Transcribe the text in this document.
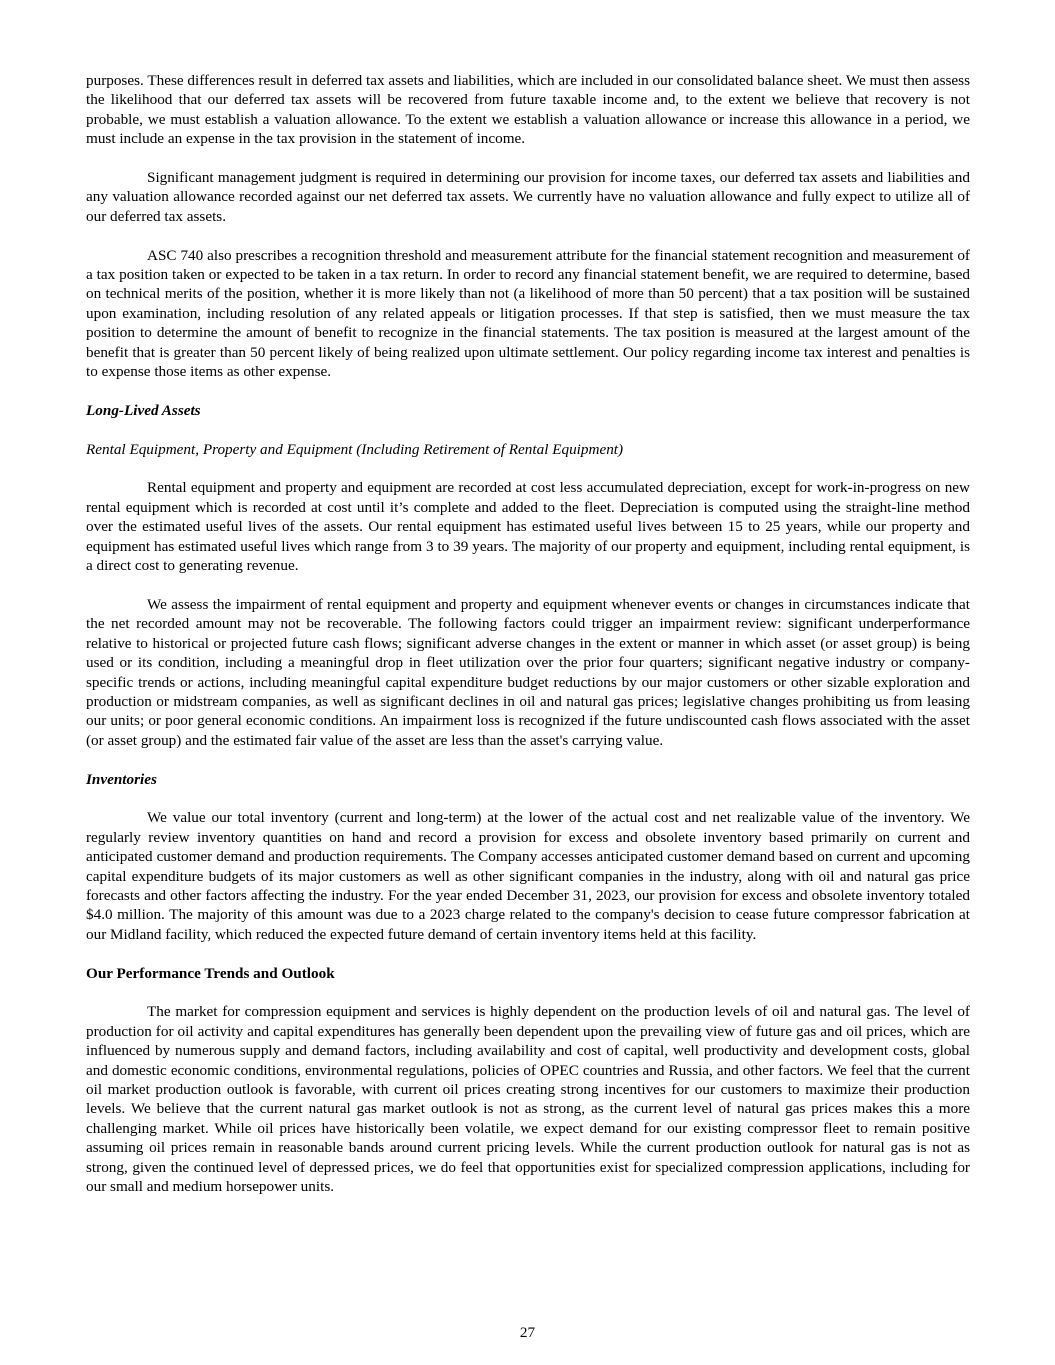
purposes. These differences result in deferred tax assets and liabilities, which are included in our consolidated balance sheet. We must then assess the likelihood that our deferred tax assets will be recovered from future taxable income and, to the extent we believe that recovery is not probable, we must establish a valuation allowance. To the extent we establish a valuation allowance or increase this allowance in a period, we must include an expense in the tax provision in the statement of income.

Significant management judgment is required in determining our provision for income taxes, our deferred tax assets and liabilities and any valuation allowance recorded against our net deferred tax assets. We currently have no valuation allowance and fully expect to utilize all of our deferred tax assets.

ASC 740 also prescribes a recognition threshold and measurement attribute for the financial statement recognition and measurement of a tax position taken or expected to be taken in a tax return. In order to record any financial statement benefit, we are required to determine, based on technical merits of the position, whether it is more likely than not (a likelihood of more than 50 percent) that a tax position will be sustained upon examination, including resolution of any related appeals or litigation processes. If that step is satisfied, then we must measure the tax position to determine the amount of benefit to recognize in the financial statements. The tax position is measured at the largest amount of the benefit that is greater than 50 percent likely of being realized upon ultimate settlement. Our policy regarding income tax interest and penalties is to expense those items as other expense.

Long-Lived Assets
Rental Equipment, Property and Equipment (Including Retirement of Rental Equipment)

Rental equipment and property and equipment are recorded at cost less accumulated depreciation, except for work-in-progress on new rental equipment which is recorded at cost until it’s complete and added to the fleet. Depreciation is computed using the straight-line method over the estimated useful lives of the assets. Our rental equipment has estimated useful lives between 15 to 25 years, while our property and equipment has estimated useful lives which range from 3 to 39 years. The majority of our property and equipment, including rental equipment, is a direct cost to generating revenue.

We assess the impairment of rental equipment and property and equipment whenever events or changes in circumstances indicate that the net recorded amount may not be recoverable. The following factors could trigger an impairment review: significant underperformance relative to historical or projected future cash flows; significant adverse changes in the extent or manner in which asset (or asset group) is being used or its condition, including a meaningful drop in fleet utilization over the prior four quarters; significant negative industry or company-specific trends or actions, including meaningful capital expenditure budget reductions by our major customers or other sizable exploration and production or midstream companies, as well as significant declines in oil and natural gas prices; legislative changes prohibiting us from leasing our units; or poor general economic conditions. An impairment loss is recognized if the future undiscounted cash flows associated with the asset (or asset group) and the estimated fair value of the asset are less than the asset's carrying value.

Inventories

We value our total inventory (current and long-term) at the lower of the actual cost and net realizable value of the inventory. We regularly review inventory quantities on hand and record a provision for excess and obsolete inventory based primarily on current and anticipated customer demand and production requirements. The Company accesses anticipated customer demand based on current and upcoming capital expenditure budgets of its major customers as well as other significant companies in the industry, along with oil and natural gas price forecasts and other factors affecting the industry. For the year ended December 31, 2023, our provision for excess and obsolete inventory totaled $4.0 million. The majority of this amount was due to a 2023 charge related to the company's decision to cease future compressor fabrication at our Midland facility, which reduced the expected future demand of certain inventory items held at this facility.

Our Performance Trends and Outlook

The market for compression equipment and services is highly dependent on the production levels of oil and natural gas. The level of production for oil activity and capital expenditures has generally been dependent upon the prevailing view of future gas and oil prices, which are influenced by numerous supply and demand factors, including availability and cost of capital, well productivity and development costs, global and domestic economic conditions, environmental regulations, policies of OPEC countries and Russia, and other factors. We feel that the current oil market production outlook is favorable, with current oil prices creating strong incentives for our customers to maximize their production levels. We believe that the current natural gas market outlook is not as strong, as the current level of natural gas prices makes this a more challenging market. While oil prices have historically been volatile, we expect demand for our existing compressor fleet to remain positive assuming oil prices remain in reasonable bands around current pricing levels. While the current production outlook for natural gas is not as strong, given the continued level of depressed prices, we do feel that opportunities exist for specialized compression applications, including for our small and medium horsepower units.

27
